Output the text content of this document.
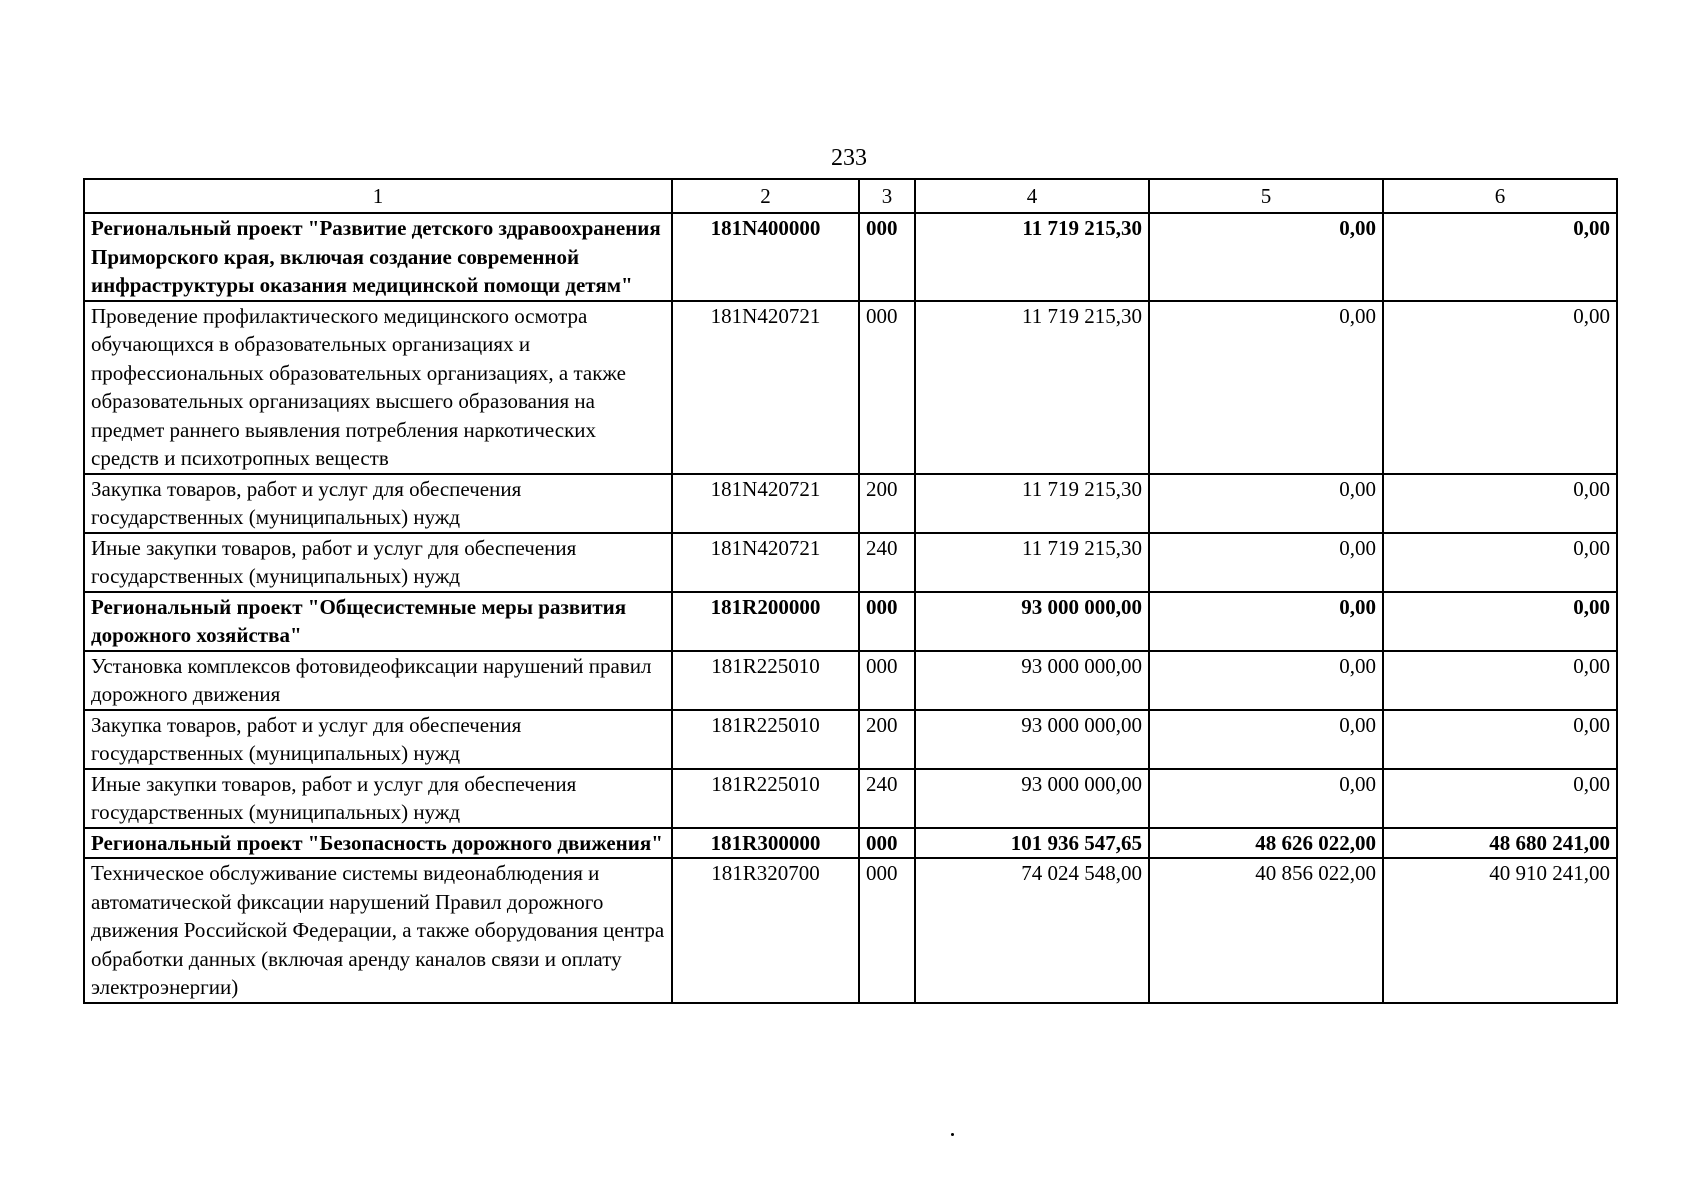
233
1	2	3	4	5	6
Региональный проект "Развитие детского здравоохранения Приморского края, включая создание современной инфраструктуры оказания медицинской помощи детям"	181N400000	000	11 719 215,30	0,00	0,00
Проведение профилактического медицинского осмотра обучающихся в образовательных организациях и профессиональных образовательных организациях, а также образовательных организациях высшего образования на предмет раннего выявления потребления наркотических средств и психотропных веществ	181N420721	000	11 719 215,30	0,00	0,00
Закупка товаров, работ и услуг для обеспечения государственных (муниципальных) нужд	181N420721	200	11 719 215,30	0,00	0,00
Иные закупки товаров, работ и услуг для обеспечения государственных (муниципальных) нужд	181N420721	240	11 719 215,30	0,00	0,00
Региональный проект "Общесистемные меры развития дорожного хозяйства"	181R200000	000	93 000 000,00	0,00	0,00
Установка комплексов фотовидеофиксации нарушений правил дорожного движения	181R225010	000	93 000 000,00	0,00	0,00
Закупка товаров, работ и услуг для обеспечения государственных (муниципальных) нужд	181R225010	200	93 000 000,00	0,00	0,00
Иные закупки товаров, работ и услуг для обеспечения государственных (муниципальных) нужд	181R225010	240	93 000 000,00	0,00	0,00
Региональный проект "Безопасность дорожного движения"	181R300000	000	101 936 547,65	48 626 022,00	48 680 241,00
Техническое обслуживание системы видеонаблюдения и автоматической фиксации нарушений Правил дорожного движения Российской Федерации, а также оборудования центра обработки данных (включая аренду каналов связи и оплату электроэнергии)	181R320700	000	74 024 548,00	40 856 022,00	40 910 241,00
